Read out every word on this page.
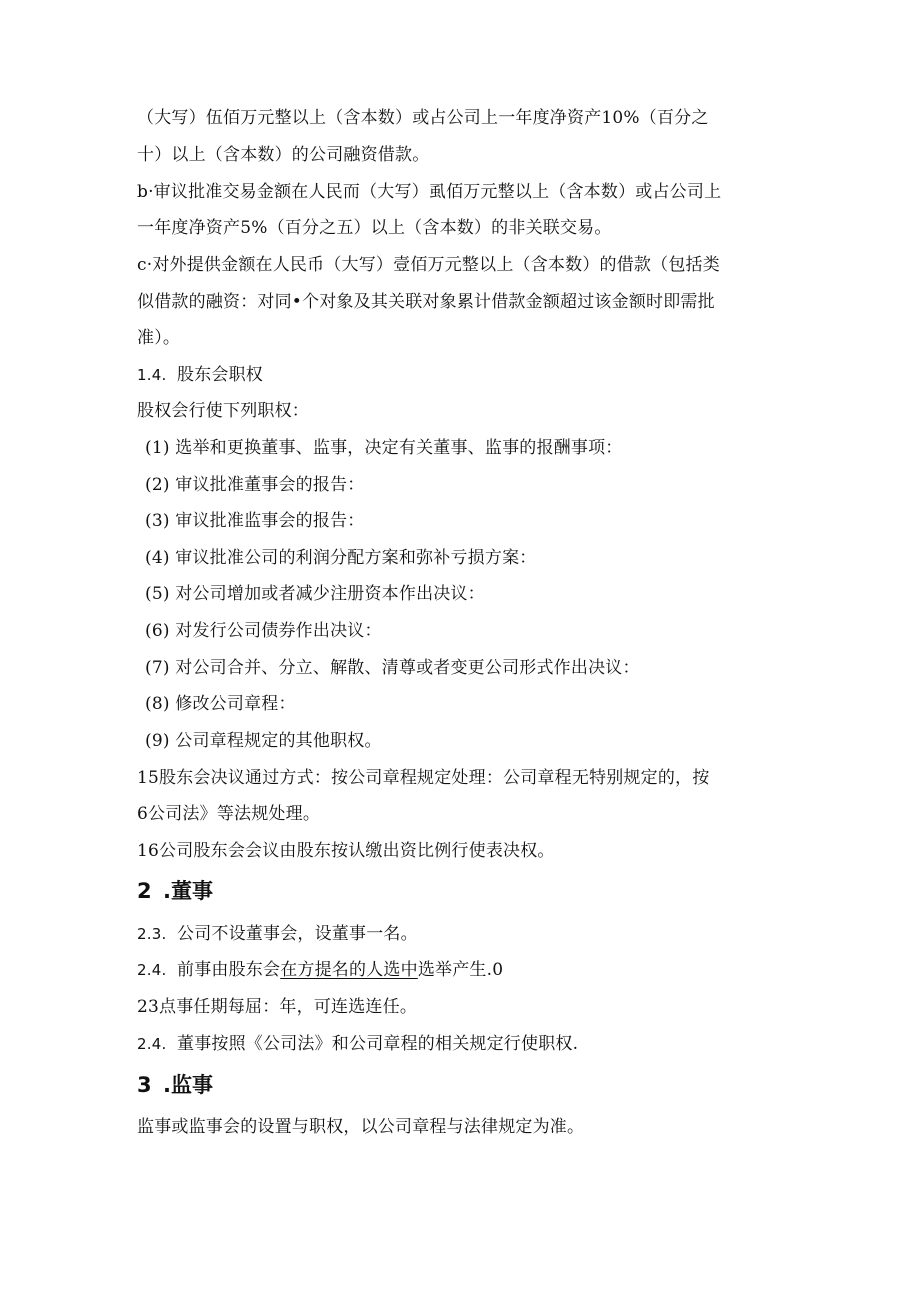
（大写）伍佰万元整以上（含本数）或占公司上一年度净资产10%（百分之
十）以上（含本数）的公司融资借款。
b·审议批准交易金额在人民而（大写）虱佰万元整以上（含本数）或占公司上
一年度净资产5%（百分之五）以上（含本数）的非关联交易。
c·对外提供金额在人民币（大写）壹佰万元整以上（含本数）的借款（包括类
似借款的融资：对同•个对象及其关联对象累计借款金额超过该金额时即需批
准）。
1.4. 股东会职权
股权会行使下列职权：
(1) 选举和更换董事、监事，决定有关董事、监事的报酬事项：
(2) 审议批准董事会的报告：
(3) 审议批准监事会的报告：
(4) 审议批准公司的利润分配方案和弥补亏损方案：
(5) 对公司增加或者减少注册资本作出决议：
(6) 对发行公司债券作出决议：
(7) 对公司合并、分立、解散、清尊或者变更公司形式作出决议：
(8) 修改公司章程：
(9) 公司章程规定的其他职权。
15股东会决议通过方式：按公司章程规定处理：公司章程无特别规定的，按
6公司法》等法规处理。
16公司股东会会议由股东按认缴出资比例行使表决权。
2 .董事
2.3. 公司不设董事会，设董事一名。
2.4. 前事由股东会在方提名的人选中选举产生.0
23点事任期每屈：年，可连选连任。
2.4. 董事按照《公司法》和公司章程的相关规定行使职权.
3 .监事
监事或监事会的设置与职权，以公司章程与法律规定为准。
